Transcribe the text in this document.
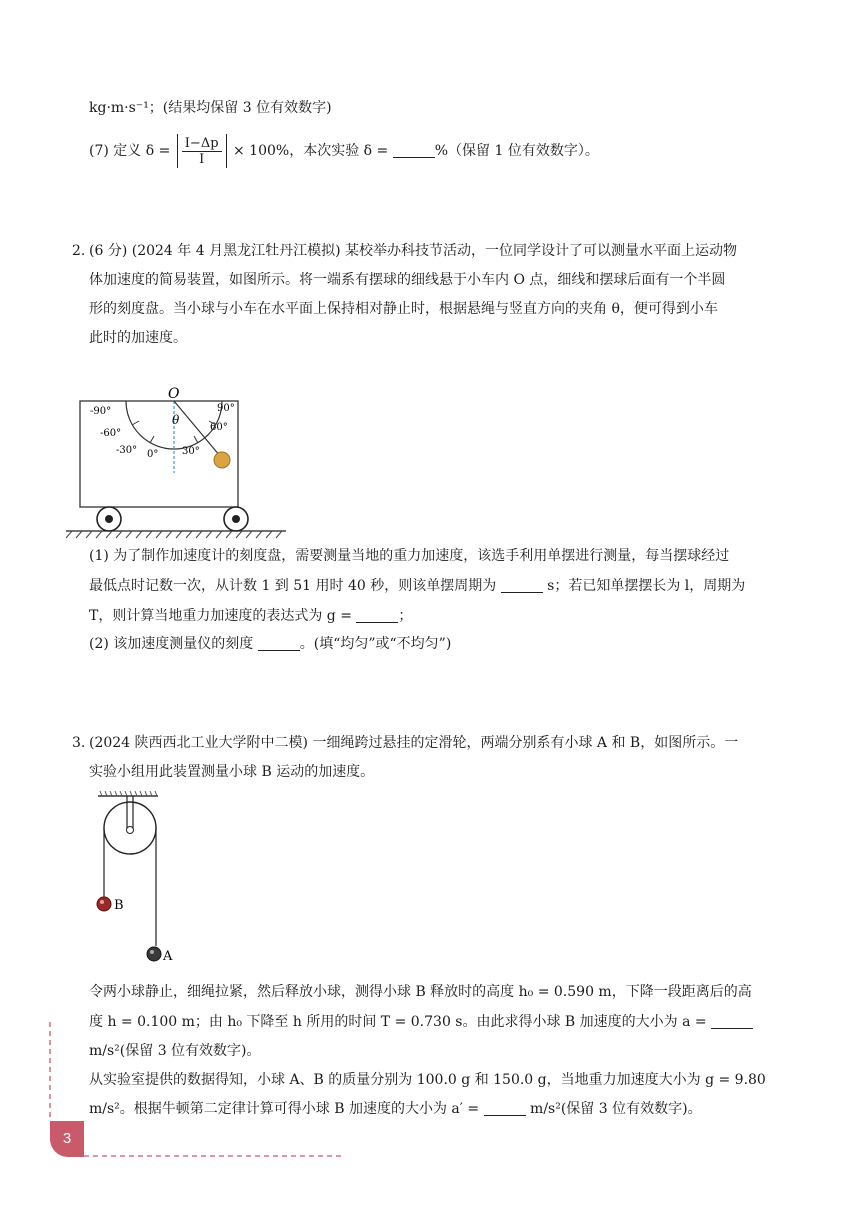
kg·m·s⁻¹；(结果均保留 3 位有效数字)
(7) 定义 $\delta = \frac{I-\Delta p}{I} \times 100\%$，本次实验 δ =	%（保留 1 位有效数字）。
2. (6 分) (2024 年 4 月黑龙江牡丹江模拟) 某校举办科技节活动，一位同学设计了可以测量水平面上运动物
体加速度的简易装置，如图所示。将一端系有摆球的细线悬于小车内 O 点，细线和摆球后面有一个半圆
形的刻度盘。当小球与小车在水平面上保持相对静止时，根据悬绳与竖直方向的夹角 θ，便可得到小车
此时的加速度。
O
θ
-90°
-60°
-30° 0° 30°
60°
90°
(1) 为了制作加速度计的刻度盘，需要测量当地的重力加速度，该选手利用单摆进行测量，每当摆球经过
最低点时记数一次，从计数 1 到 51 用时 40 秒，则该单摆周期为	s；若已知单摆摆长为 l，周期为
T，则计算当地重力加速度的表达式为 g =	；
(2) 该加速度测量仪的刻度	。(填“均匀”或“不均匀”)
3. (2024 陕西西北工业大学附中二模) 一细绳跨过悬挂的定滑轮，两端分别系有小球 A 和 B，如图所示。一
实验小组用此装置测量小球 B 运动的加速度。
B
A
令两小球静止，细绳拉紧，然后释放小球，测得小球 B 释放时的高度 h₀ = 0.590 m，下降一段距离后的高
度 h = 0.100 m；由 h₀ 下降至 h 所用的时间 T = 0.730 s。由此求得小球 B 加速度的大小为 a =
m/s²(保留 3 位有效数字)。
从实验室提供的数据得知，小球 A、B 的质量分别为 100.0 g 和 150.0 g，当地重力加速度大小为 g = 9.80
m/s²。根据牛顿第二定律计算可得小球 B 加速度的大小为 a′ =	m/s²(保留 3 位有效数字)。
3
